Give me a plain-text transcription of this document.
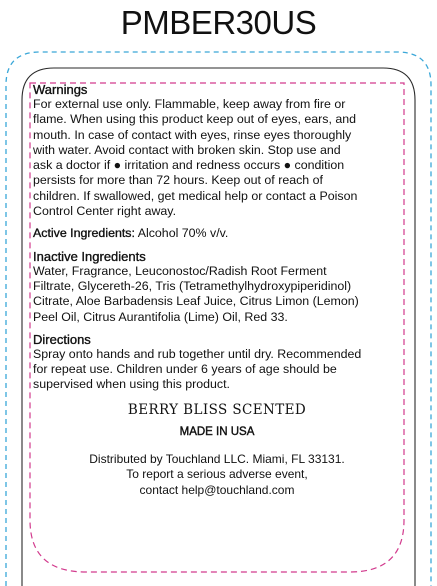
PMBER30US

Warnings

For external use only. Flammable, keep away from fire or
flame. When using this product keep out of eyes, ears, and
mouth. In case of contact with eyes, rinse eyes thoroughly
with water. Avoid contact with broken skin. Stop use and
ask a doctor if ● irritation and redness occurs ● condition
persists for more than 72 hours. Keep out of reach of
children. If swallowed, get medical help or contact a Poison
Control Center right away.

Active Ingredients: Alcohol 70% v/v.

Inactive Ingredients

Water, Fragrance, Leuconostoc/Radish Root Ferment
Filtrate, Glycereth-26, Tris (Tetramethylhydroxypiperidinol)
Citrate, Aloe Barbadensis Leaf Juice, Citrus Limon (Lemon)
Peel Oil, Citrus Aurantifolia (Lime) Oil, Red 33.

Directions

Spray onto hands and rub together until dry. Recommended
for repeat use. Children under 6 years of age should be
supervised when using this product.

BERRY BLISS SCENTED

MADE IN USA

Distributed by Touchland LLC. Miami, FL 33131.
To report a serious adverse event,
contact help@touchland.com
